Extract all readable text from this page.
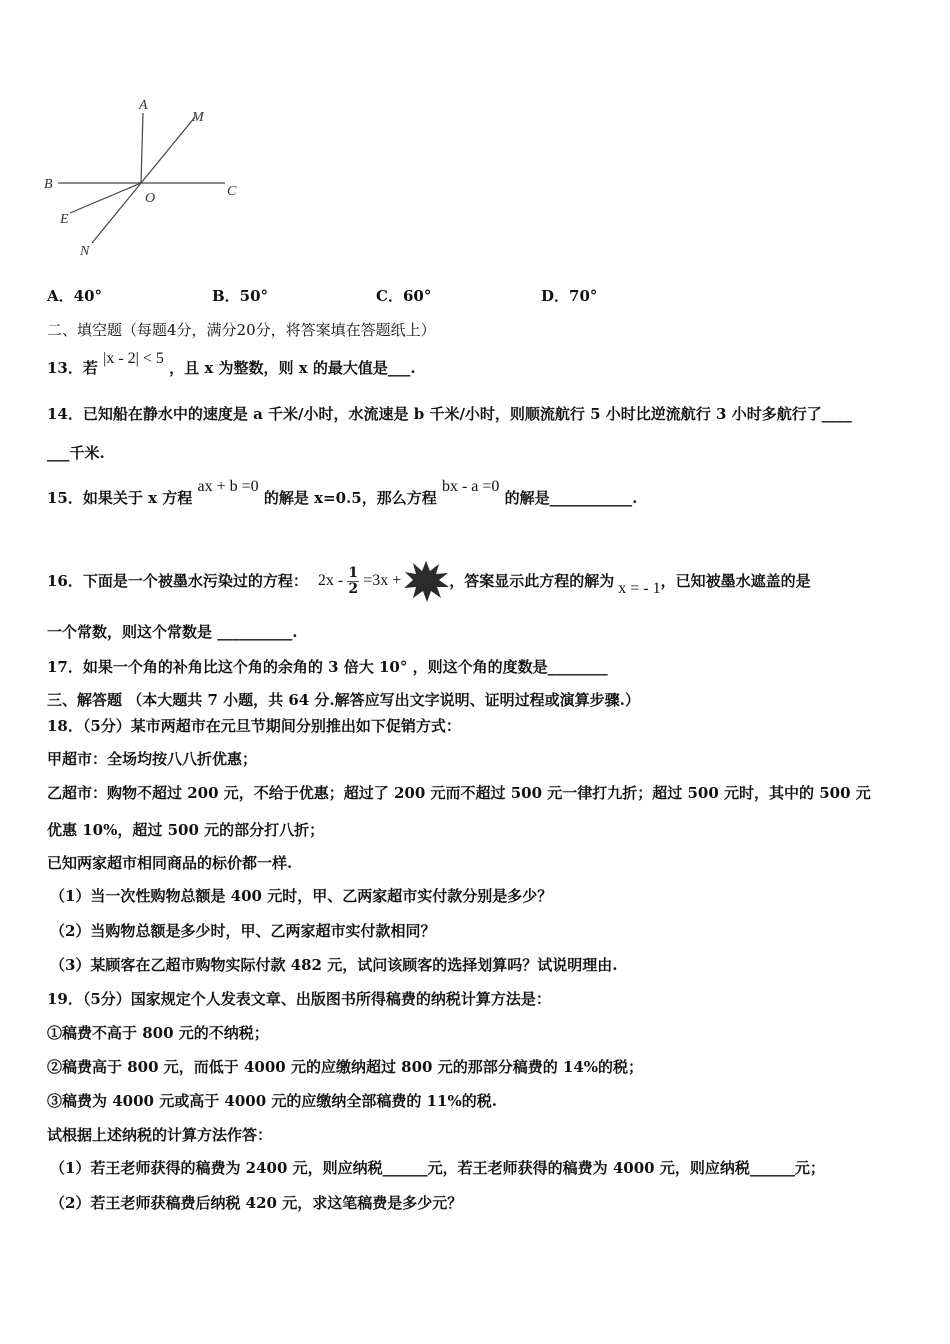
A
M
B
O	C
E
N
A．40°	B．50°	C．60°	D．70°
二、填空题（每题4分，满分20分，将答案填在答题纸上）
13．若 |x - 2| < 5 ，且 x 为整数，则 x 的最大值是___.
14．已知船在静水中的速度是 a 千米/小时，水流速是 b 千米/小时，则顺流航行 5 小时比逆流航行 3 小时多航行了____
___千米.
15．如果关于 x 方程 ax + b =0 的解是 x=0.5，那么方程 bx - a =0 的解是___________.
16．下面是一个被墨水污染过的方程： $2x - \frac{1}{2} =3x$ +	，答案显示此方程的解为 x = - 1 ，已知被墨水遮盖的是
一个常数，则这个常数是 __________.
17．如果一个角的补角比这个角的余角的 3 倍大 10° ，则这个角的度数是________
三、解答题 （本大题共 7 小题，共 64 分.解答应写出文字说明、证明过程或演算步骤.）
18．（5分）某市两超市在元旦节期间分别推出如下促销方式：
甲超市：全场均按八八折优惠；
乙超市：购物不超过 200 元，不给于优惠；超过了 200 元而不超过 500 元一律打九折；超过 500 元时，其中的 500 元
优惠 10%，超过 500 元的部分打八折；
已知两家超市相同商品的标价都一样.
（1）当一次性购物总额是 400 元时，甲、乙两家超市实付款分别是多少？
（2）当购物总额是多少时，甲、乙两家超市实付款相同？
（3）某顾客在乙超市购物实际付款 482 元，试问该顾客的选择划算吗？试说明理由.
19．（5分）国家规定个人发表文章、出版图书所得稿费的纳税计算方法是：
①稿费不高于 800 元的不纳税；
②稿费高于 800 元，而低于 4000 元的应缴纳超过 800 元的那部分稿费的 14%的税；
③稿费为 4000 元或高于 4000 元的应缴纳全部稿费的 11%的税.
试根据上述纳税的计算方法作答：
（1）若王老师获得的稿费为 2400 元，则应纳税______元，若王老师获得的稿费为 4000 元，则应纳税______元；
（2）若王老师获稿费后纳税 420 元，求这笔稿费是多少元？
